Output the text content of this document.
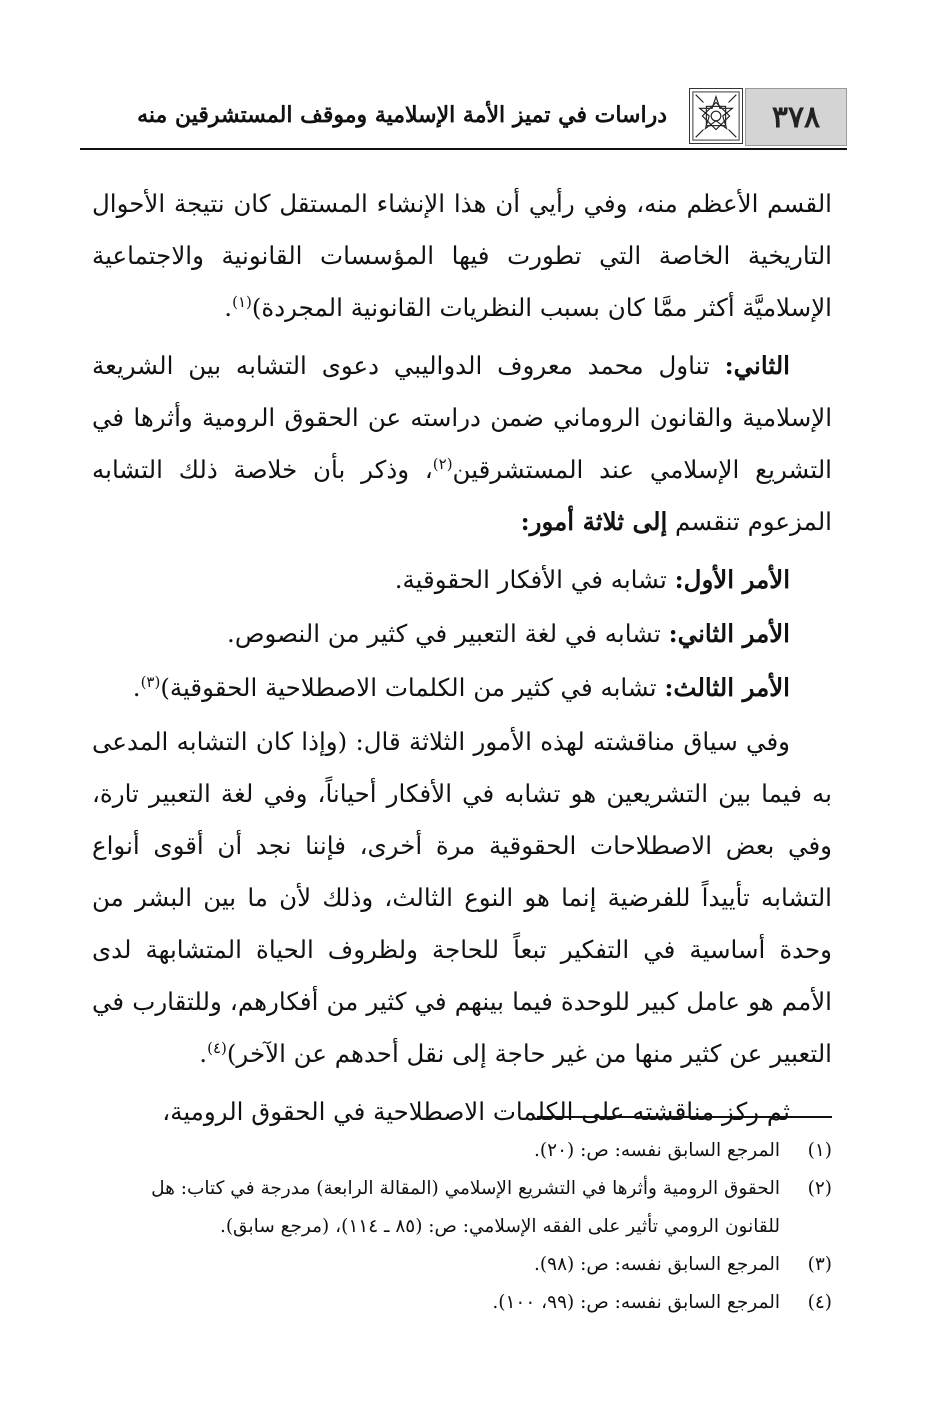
٣٧٨
دراسات في تميز الأمة الإسلامية وموقف المستشرقين منه

القسم الأعظم منه، وفي رأيي أن هذا الإنشاء المستقل كان نتيجة الأحوال التاريخية الخاصة التي تطورت فيها المؤسسات القانونية والاجتماعية الإسلاميَّة أكثر ممَّا كان بسبب النظريات القانونية المجردة)$^{(١)}$.

الثاني: تناول محمد معروف الدواليبي دعوى التشابه بين الشريعة الإسلامية والقانون الروماني ضمن دراسته عن الحقوق الرومية وأثرها في التشريع الإسلامي عند المستشرقين$^{(٢)}$، وذكر بأن خلاصة ذلك التشابه المزعوم تنقسم إلى ثلاثة أمور:

الأمر الأول: تشابه في الأفكار الحقوقية.

الأمر الثاني: تشابه في لغة التعبير في كثير من النصوص.

الأمر الثالث: تشابه في كثير من الكلمات الاصطلاحية الحقوقية)$^{(٣)}$.

وفي سياق مناقشته لهذه الأمور الثلاثة قال: (وإذا كان التشابه المدعى به فيما بين التشريعين هو تشابه في الأفكار أحياناً، وفي لغة التعبير تارة، وفي بعض الاصطلاحات الحقوقية مرة أخرى، فإننا نجد أن أقوى أنواع التشابه تأييداً للفرضية إنما هو النوع الثالث، وذلك لأن ما بين البشر من وحدة أساسية في التفكير تبعاً للحاجة ولظروف الحياة المتشابهة لدى الأمم هو عامل كبير للوحدة فيما بينهم في كثير من أفكارهم، وللتقارب في التعبير عن كثير منها من غير حاجة إلى نقل أحدهم عن الآخر)$^{(٤)}$.

ثم ركز مناقشته على الكلمات الاصطلاحية في الحقوق الرومية،

(١)
المرجع السابق نفسه: ص: (٢٠).
(٢)
الحقوق الرومية وأثرها في التشريع الإسلامي (المقالة الرابعة) مدرجة في كتاب: هل للقانون الرومي تأثير على الفقه الإسلامي: ص: (٨٥ ـ ١١٤)، (مرجع سابق).
(٣)
المرجع السابق نفسه: ص: (٩٨).
(٤)
المرجع السابق نفسه: ص: (٩٩، ١٠٠).
